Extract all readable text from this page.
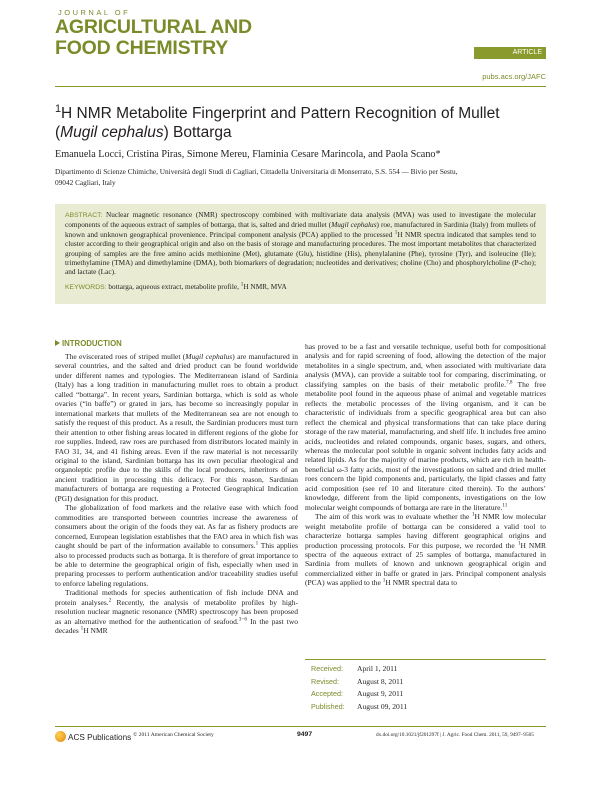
JOURNAL OF
AGRICULTURAL AND
FOOD CHEMISTRY	ARTICLE
pubs.acs.org/JAFC
$^1$H NMR Metabolite Fingerprint and Pattern Recognition of Mullet (Mugil cephalus) Bottarga
Emanuela Locci, Cristina Piras, Simone Mereu, Flaminia Cesare Marincola, and Paola Scano*
Dipartimento di Scienze Chimiche, Università degli Studi di Cagliari, Cittadella Universitaria di Monserrato, S.S. 554 — Bivio per Sestu, 09042 Cagliari, Italy
ABSTRACT: Nuclear magnetic resonance (NMR) spectroscopy combined with multivariate data analysis (MVA) was used to investigate the molecular components of the aqueous extract of samples of bottarga, that is, salted and dried mullet (Mugil cephalus) roe, manufactured in Sardinia (Italy) from mullets of known and unknown geographical provenience. Principal component analysis (PCA) applied to the processed $^1$H NMR spectra indicated that samples tend to cluster according to their geographical origin and also on the basis of storage and manufacturing procedures. The most important metabolites that characterized grouping of samples are the free amino acids methionine (Met), glutamate (Glu), histidine (His), phenylalanine (Phe), tyrosine (Tyr), and isoleucine (Ile); trimethylamine (TMA) and dimethylamine (DMA), both biomarkers of degradation; nucleotides and derivatives; choline (Cho) and phosphorylcholine (P-cho); and lactate (Lac).
KEYWORDS: bottarga, aqueous extract, metabolite profile, $^1$H NMR, MVA
INTRODUCTION

The eviscerated roes of striped mullet (Mugil cephalus) are manufactured in several countries, and the salted and dried product can be found worldwide under different names and typologies. The Mediterranean island of Sardinia (Italy) has a long tradition in manufacturing mullet roes to obtain a product called “bottarga”. In recent years, Sardinian bottarga, which is sold as whole ovaries (“in baffe”) or grated in jars, has become so increasingly popular in international markets that mullets of the Mediterranean sea are not enough to satisfy the request of this product. As a result, the Sardinian producers must turn their attention to other fishing areas located in different regions of the globe for roe supplies. Indeed, raw roes are purchased from distributors located mainly in FAO 31, 34, and 41 fishing areas. Even if the raw material is not necessarily original to the island, Sardinian bottarga has its own peculiar rheological and organoleptic profile due to the skills of the local producers, inheritors of an ancient tradition in processing this delicacy. For this reason, Sardinian manufacturers of bottarga are requesting a Protected Geographical Indication (PGI) designation for this product.

The globalization of food markets and the relative ease with which food commodities are transported between countries increase the awareness of consumers about the origin of the foods they eat. As far as fishery products are concerned, European legislation establishes that the FAO area in which fish was caught should be part of the information available to consumers.$^1$ This applies also to processed products such as bottarga. It is therefore of great importance to be able to determine the geographical origin of fish, especially when used in preparing processes to perform authentication and/or traceability studies useful to enforce labeling regulations.

Traditional methods for species authentication of fish include DNA and protein analyses.$^2$ Recently, the analysis of metabolite profiles by high-resolution nuclear magnetic resonance (NMR) spectroscopy has been proposed as an alternative method for the authentication of seafood.$^{3-6}$ In the past two decades $^1$H NMR

has proved to be a fast and versatile technique, useful both for compositional analysis and for rapid screening of food, allowing the detection of the major metabolites in a single spectrum, and, when associated with multivariate data analysis (MVA), can provide a suitable tool for comparing, discriminating, or classifying samples on the basis of their metabolic profile.$^{7,8}$ The free metabolite pool found in the aqueous phase of animal and vegetable matrices reflects the metabolic processes of the living organism, and it can be characteristic of individuals from a specific geographical area but can also reflect the chemical and physical transformations that can take place during storage of the raw material, manufacturing, and shelf life. It includes free amino acids, nucleotides and related compounds, organic bases, sugars, and others, whereas the molecular pool soluble in organic solvent includes fatty acids and related lipids. As for the majority of marine products, which are rich in health-beneficial ω-3 fatty acids, most of the investigations on salted and dried mullet roes concern the lipid components and, particularly, the lipid classes and fatty acid composition (see ref 10 and literature cited therein). To the authors’ knowledge, different from the lipid components, investigations on the low molecular weight compounds of bottarga are rare in the literature.$^{11}$

The aim of this work was to evaluate whether the $^1$H NMR low molecular weight metabolite profile of bottarga can be considered a valid tool to characterize bottarga samples having different geographical origins and production processing protocols. For this purpose, we recorded the $^1$H NMR spectra of the aqueous extract of 25 samples of bottarga, manufactured in Sardinia from mullets of known and unknown geographical origin and commercialized either in baffe or grated in jars. Principal component analysis (PCA) was applied to the $^1$H NMR spectral data to

Received: April 1, 2011
Revised: August 8, 2011
Accepted: August 9, 2011
Published: August 09, 2011
ACS Publications © 2011 American Chemical Society	9497	dx.doi.org/10.1021/jf201297f | J. Agric. Food Chem. 2011, 59, 9497–9505
